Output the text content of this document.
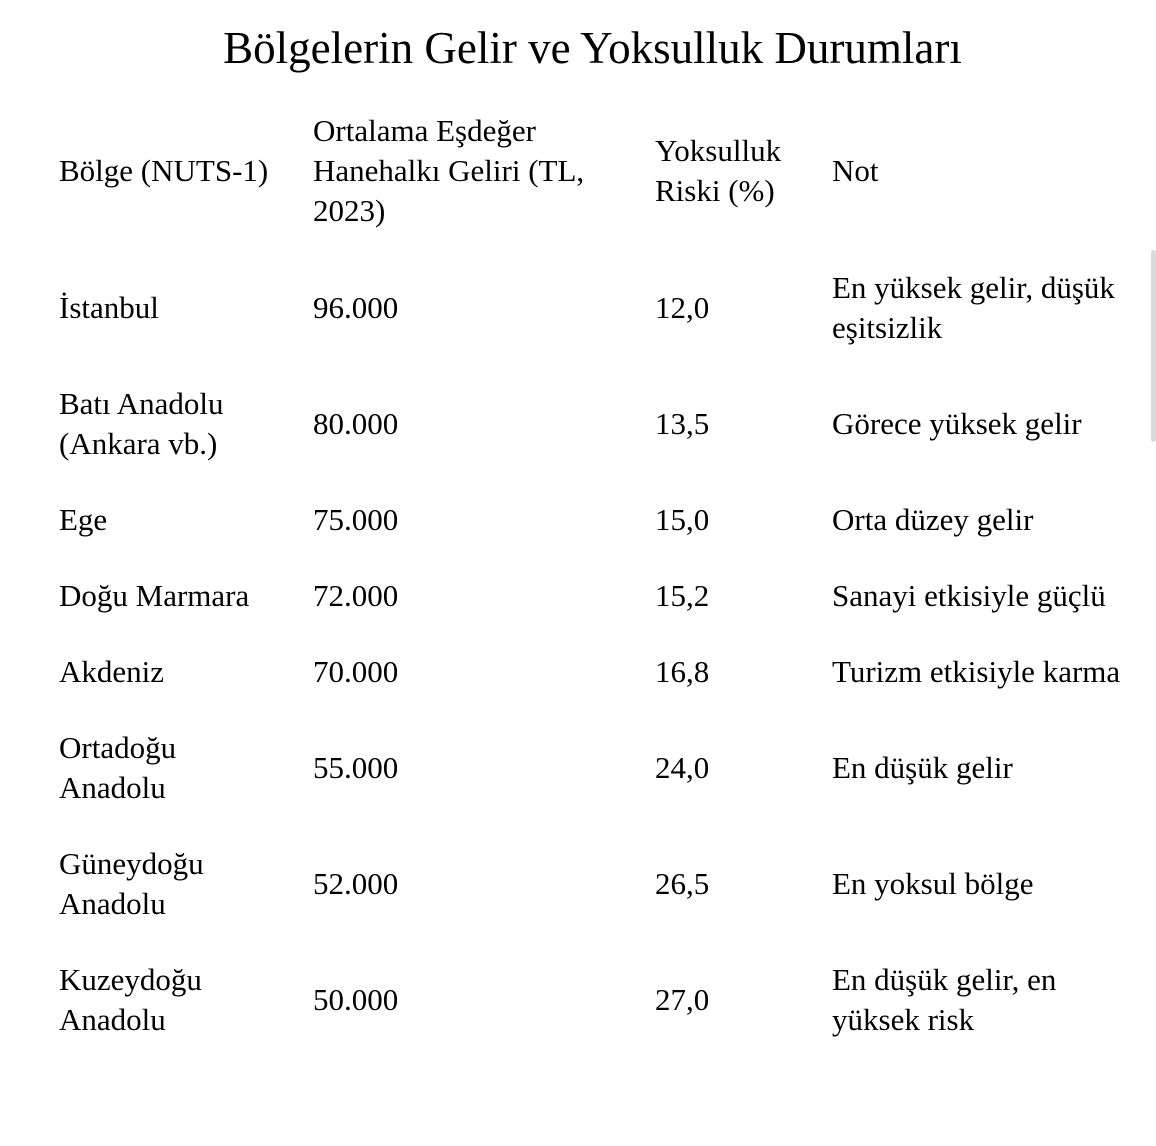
Bölgelerin Gelir ve Yoksulluk Durumları
Bölge (NUTS-1)	Ortalama Eşdeğer Hanehalkı Geliri (TL, 2023)	Yoksulluk Riski (%)	Not
İstanbul	96.000	12,0	En yüksek gelir, düşük eşitsizlik
Batı Anadolu (Ankara vb.)	80.000	13,5	Görece yüksek gelir
Ege	75.000	15,0	Orta düzey gelir
Doğu Marmara	72.000	15,2	Sanayi etkisiyle güçlü
Akdeniz	70.000	16,8	Turizm etkisiyle karma
Ortadoğu Anadolu	55.000	24,0	En düşük gelir
Güneydoğu Anadolu	52.000	26,5	En yoksul bölge
Kuzeydoğu Anadolu	50.000	27,0	En düşük gelir, en yüksek risk
